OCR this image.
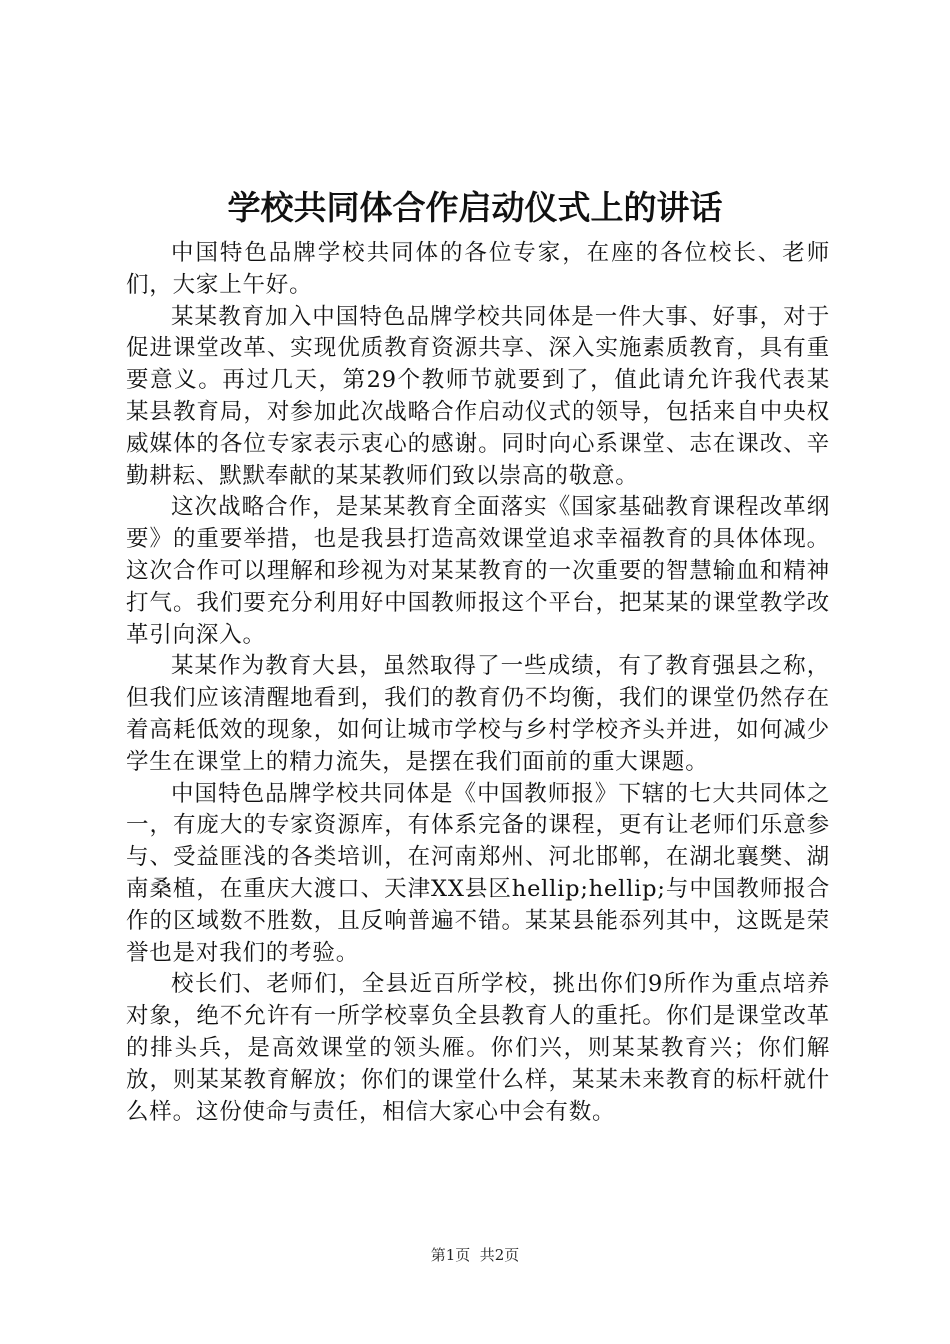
学校共同体合作启动仪式上的讲话

中国特色品牌学校共同体的各位专家，在座的各位校长、老师们，大家上午好。

某某教育加入中国特色品牌学校共同体是一件大事、好事，对于促进课堂改革、实现优质教育资源共享、深入实施素质教育，具有重要意义。再过几天，第29个教师节就要到了，值此请允许我代表某某县教育局，对参加此次战略合作启动仪式的领导，包括来自中央权威媒体的各位专家表示衷心的感谢。同时向心系课堂、志在课改、辛勤耕耘、默默奉献的某某教师们致以崇高的敬意。

这次战略合作，是某某教育全面落实《国家基础教育课程改革纲要》的重要举措，也是我县打造高效课堂追求幸福教育的具体体现。这次合作可以理解和珍视为对某某教育的一次重要的智慧输血和精神打气。我们要充分利用好中国教师报这个平台，把某某的课堂教学改革引向深入。

某某作为教育大县，虽然取得了一些成绩，有了教育强县之称，但我们应该清醒地看到，我们的教育仍不均衡，我们的课堂仍然存在着高耗低效的现象，如何让城市学校与乡村学校齐头并进，如何减少学生在课堂上的精力流失，是摆在我们面前的重大课题。

中国特色品牌学校共同体是《中国教师报》下辖的七大共同体之一，有庞大的专家资源库，有体系完备的课程，更有让老师们乐意参与、受益匪浅的各类培训，在河南郑州、河北邯郸，在湖北襄樊、湖南桑植，在重庆大渡口、天津XX县区hellip;hellip;与中国教师报合作的区域数不胜数，且反响普遍不错。某某县能忝列其中，这既是荣誉也是对我们的考验。

校长们、老师们，全县近百所学校，挑出你们9所作为重点培养对象，绝不允许有一所学校辜负全县教育人的重托。你们是课堂改革的排头兵，是高效课堂的领头雁。你们兴，则某某教育兴；你们解放，则某某教育解放；你们的课堂什么样，某某未来教育的标杆就什么样。这份使命与责任，相信大家心中会有数。

第1页  共2页
